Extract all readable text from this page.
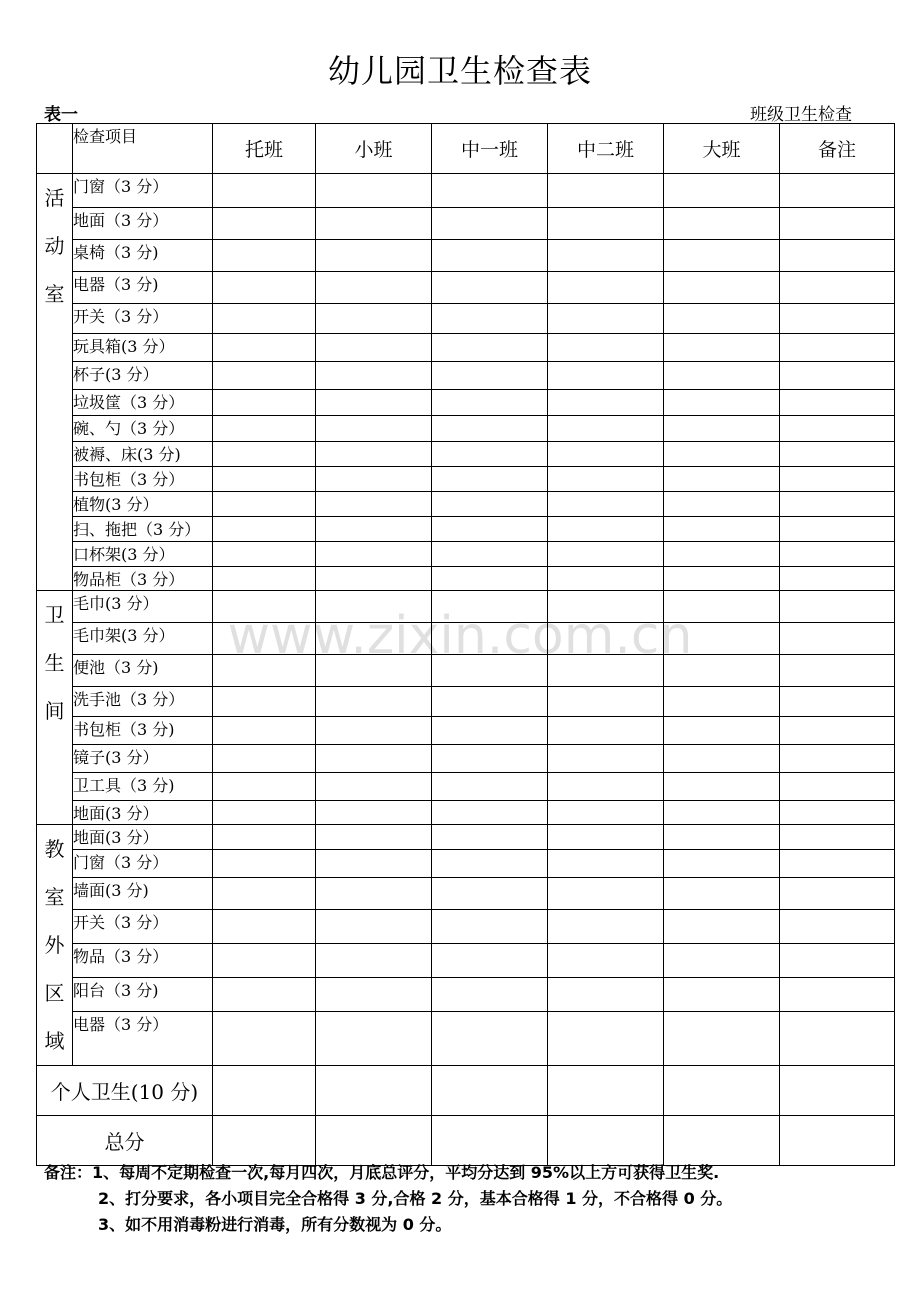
幼儿园卫生检查表
表一	班级卫生检查
	检查项目	托班	小班	中一班	中二班	大班	备注

活
动
室	门窗（3 分）						
	地面（3 分）						
	桌椅（3 分)						
	电器（3 分)						
	开关（3 分）						
	玩具箱(3 分）						
	杯子(3 分）						
	垃圾筐（3 分）						
	碗、勺（3 分）						
	被褥、床(3 分)						
	书包柜（3 分）						
	植物(3 分）						
	扫、拖把（3 分）						
	口杯架(3 分）						
	物品柜（3 分）						

卫
生
间	毛巾(3 分）						
	毛巾架(3 分）						
	便池（3 分)						
	洗手池（3 分）						
	书包柜（3 分)						
	镜子(3 分）						
	卫工具（3 分)						
	地面(3 分）						

教
室
外
区
域	地面(3 分）						
	门窗（3 分）						
	墙面(3 分)						
	开关（3 分）						
	物品（3 分）						
	阳台（3 分)						
	电器（3 分）						
个人卫生(10 分)							
总分							
www.zixin.com.cn
备注：1、每周不定期检查一次,每月四次，月底总评分，平均分达到 95%以上方可获得卫生奖.
2、打分要求，各小项目完全合格得 3 分,合格 2 分，基本合格得 1 分，不合格得 0 分。
3、如不用消毒粉进行消毒，所有分数视为 0 分。
